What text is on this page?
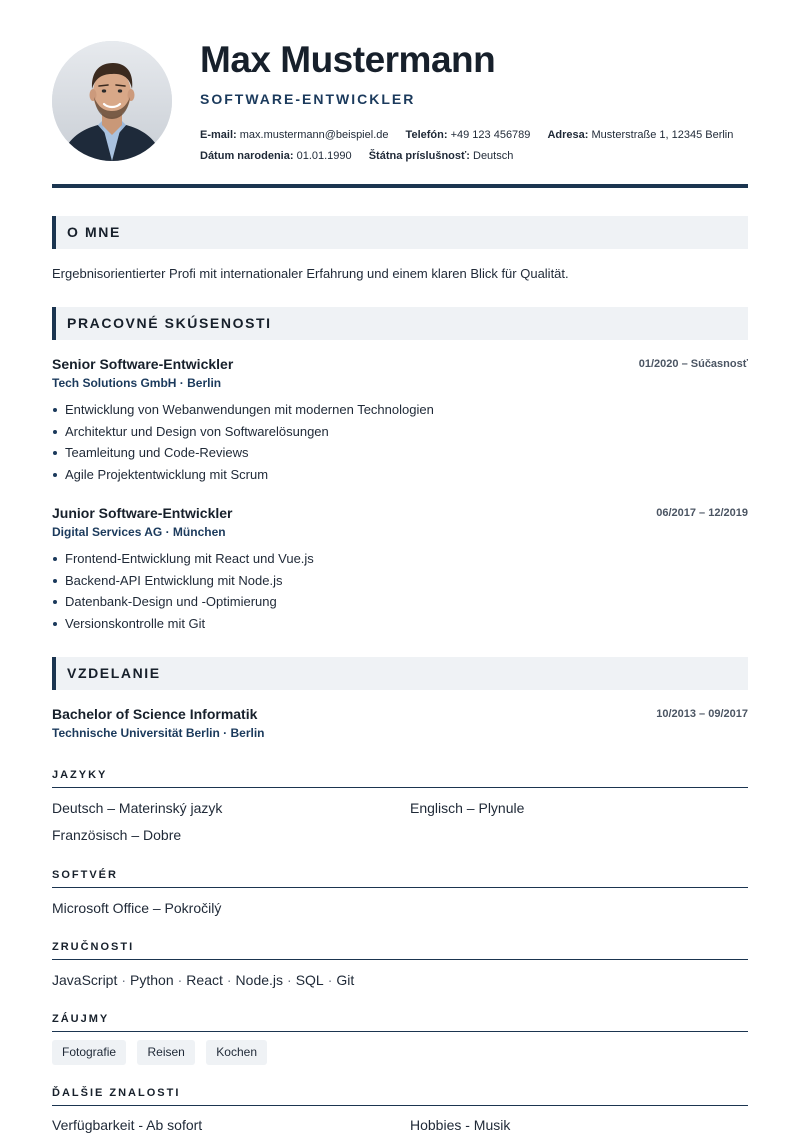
Max Mustermann
SOFTWARE-ENTWICKLER
E-mail: max.mustermann@beispiel.de Telefón: +49 123 456789 Adresa: Musterstraße 1, 12345 Berlin
Dátum narodenia: 01.01.1990 Štátna príslušnosť: Deutsch
O MNE
Ergebnisorientierter Profi mit internationaler Erfahrung und einem klaren Blick für Qualität.
PRACOVNÉ SKÚSENOSTI
Senior Software-Entwickler	01/2020 – Súčasnosť
Tech Solutions GmbH · Berlin
Entwicklung von Webanwendungen mit modernen Technologien
Architektur und Design von Softwarelösungen
Teamleitung und Code-Reviews
Agile Projektentwicklung mit Scrum
Junior Software-Entwickler	06/2017 – 12/2019
Digital Services AG · München
Frontend-Entwicklung mit React und Vue.js
Backend-API Entwicklung mit Node.js
Datenbank-Design und -Optimierung
Versionskontrolle mit Git
VZDELANIE
Bachelor of Science Informatik	10/2013 – 09/2017
Technische Universität Berlin · Berlin
JAZYKY
Deutsch – Materinský jazyk	Englisch – Plynule
Französisch – Dobre
SOFTVÉR
Microsoft Office – Pokročilý
ZRUČNOSTI
JavaScript · Python · React · Node.js · SQL · Git
ZÁUJMY
Fotografie	Reisen	Kochen
ĎALŠIE ZNALOSTI
Verfügbarkeit - Ab sofort	Hobbies - Musik
